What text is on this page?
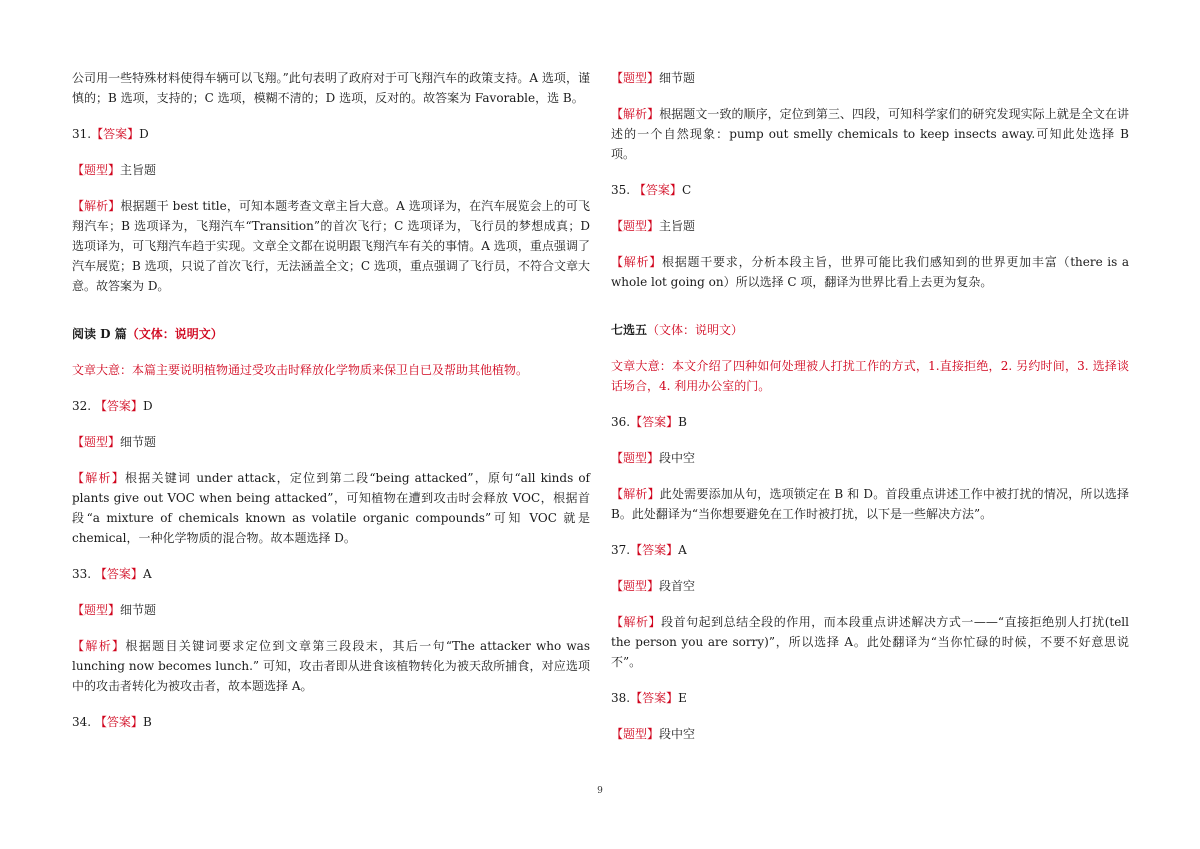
公司用一些特殊材料使得车辆可以飞翔。”此句表明了政府对于可飞翔汽车的政策支持。A 选项，谨慎的；B 选项，支持的；C 选项，模糊不清的；D 选项，反对的。故答案为 Favorable，选 B。

31.【答案】D

【题型】主旨题

【解析】根据题干 best title，可知本题考查文章主旨大意。A 选项译为，在汽车展览会上的可飞翔汽车；B 选项译为，飞翔汽车“Transition”的首次飞行；C 选项译为，飞行员的梦想成真；D 选项译为，可飞翔汽车趋于实现。文章全文都在说明跟飞翔汽车有关的事情。A 选项，重点强调了汽车展览；B 选项，只说了首次飞行，无法涵盖全文；C 选项，重点强调了飞行员，不符合文章大意。故答案为 D。

阅读 D 篇（文体：说明文）

文章大意：本篇主要说明植物通过受攻击时释放化学物质来保卫自已及帮助其他植物。

32. 【答案】D

【题型】细节题

【解析】根据关键词 under attack，定位到第二段“being attacked”，原句“all kinds of plants give out VOC when being attacked”，可知植物在遭到攻击时会释放 VOC，根据首段“a mixture of chemicals known as volatile organic compounds”可知 VOC 就是 chemical，一种化学物质的混合物。故本题选择 D。

33. 【答案】A

【题型】细节题

【解析】根据题目关键词要求定位到文章第三段段末，其后一句“The attacker who was lunching now becomes lunch.” 可知，攻击者即从进食该植物转化为被天敌所捕食，对应选项中的攻击者转化为被攻击者，故本题选择 A。

34. 【答案】B

【题型】细节题

【解析】根据题文一致的顺序，定位到第三、四段，可知科学家们的研究发现实际上就是全文在讲述的一个自然现象：pump out smelly chemicals to keep insects away.可知此处选择 B 项。

35. 【答案】C

【题型】主旨题

【解析】根据题干要求，分析本段主旨，世界可能比我们感知到的世界更加丰富（there is a whole lot going on）所以选择 C 项，翻译为世界比看上去更为复杂。

七选五（文体：说明文）

文章大意：本文介绍了四种如何处理被人打扰工作的方式，1.直接拒绝，2. 另约时间，3. 选择谈话场合，4. 利用办公室的门。

36.【答案】B

【题型】段中空

【解析】此处需要添加从句，选项锁定在 B 和 D。首段重点讲述工作中被打扰的情况，所以选择 B。此处翻译为“当你想要避免在工作时被打扰，以下是一些解决方法”。

37.【答案】A

【题型】段首空

【解析】段首句起到总结全段的作用，而本段重点讲述解决方式一——“直接拒绝别人打扰(tell the person you are sorry)”，所以选择 A。此处翻译为“当你忙碌的时候，不要不好意思说不”。

38.【答案】E

【题型】段中空

9
